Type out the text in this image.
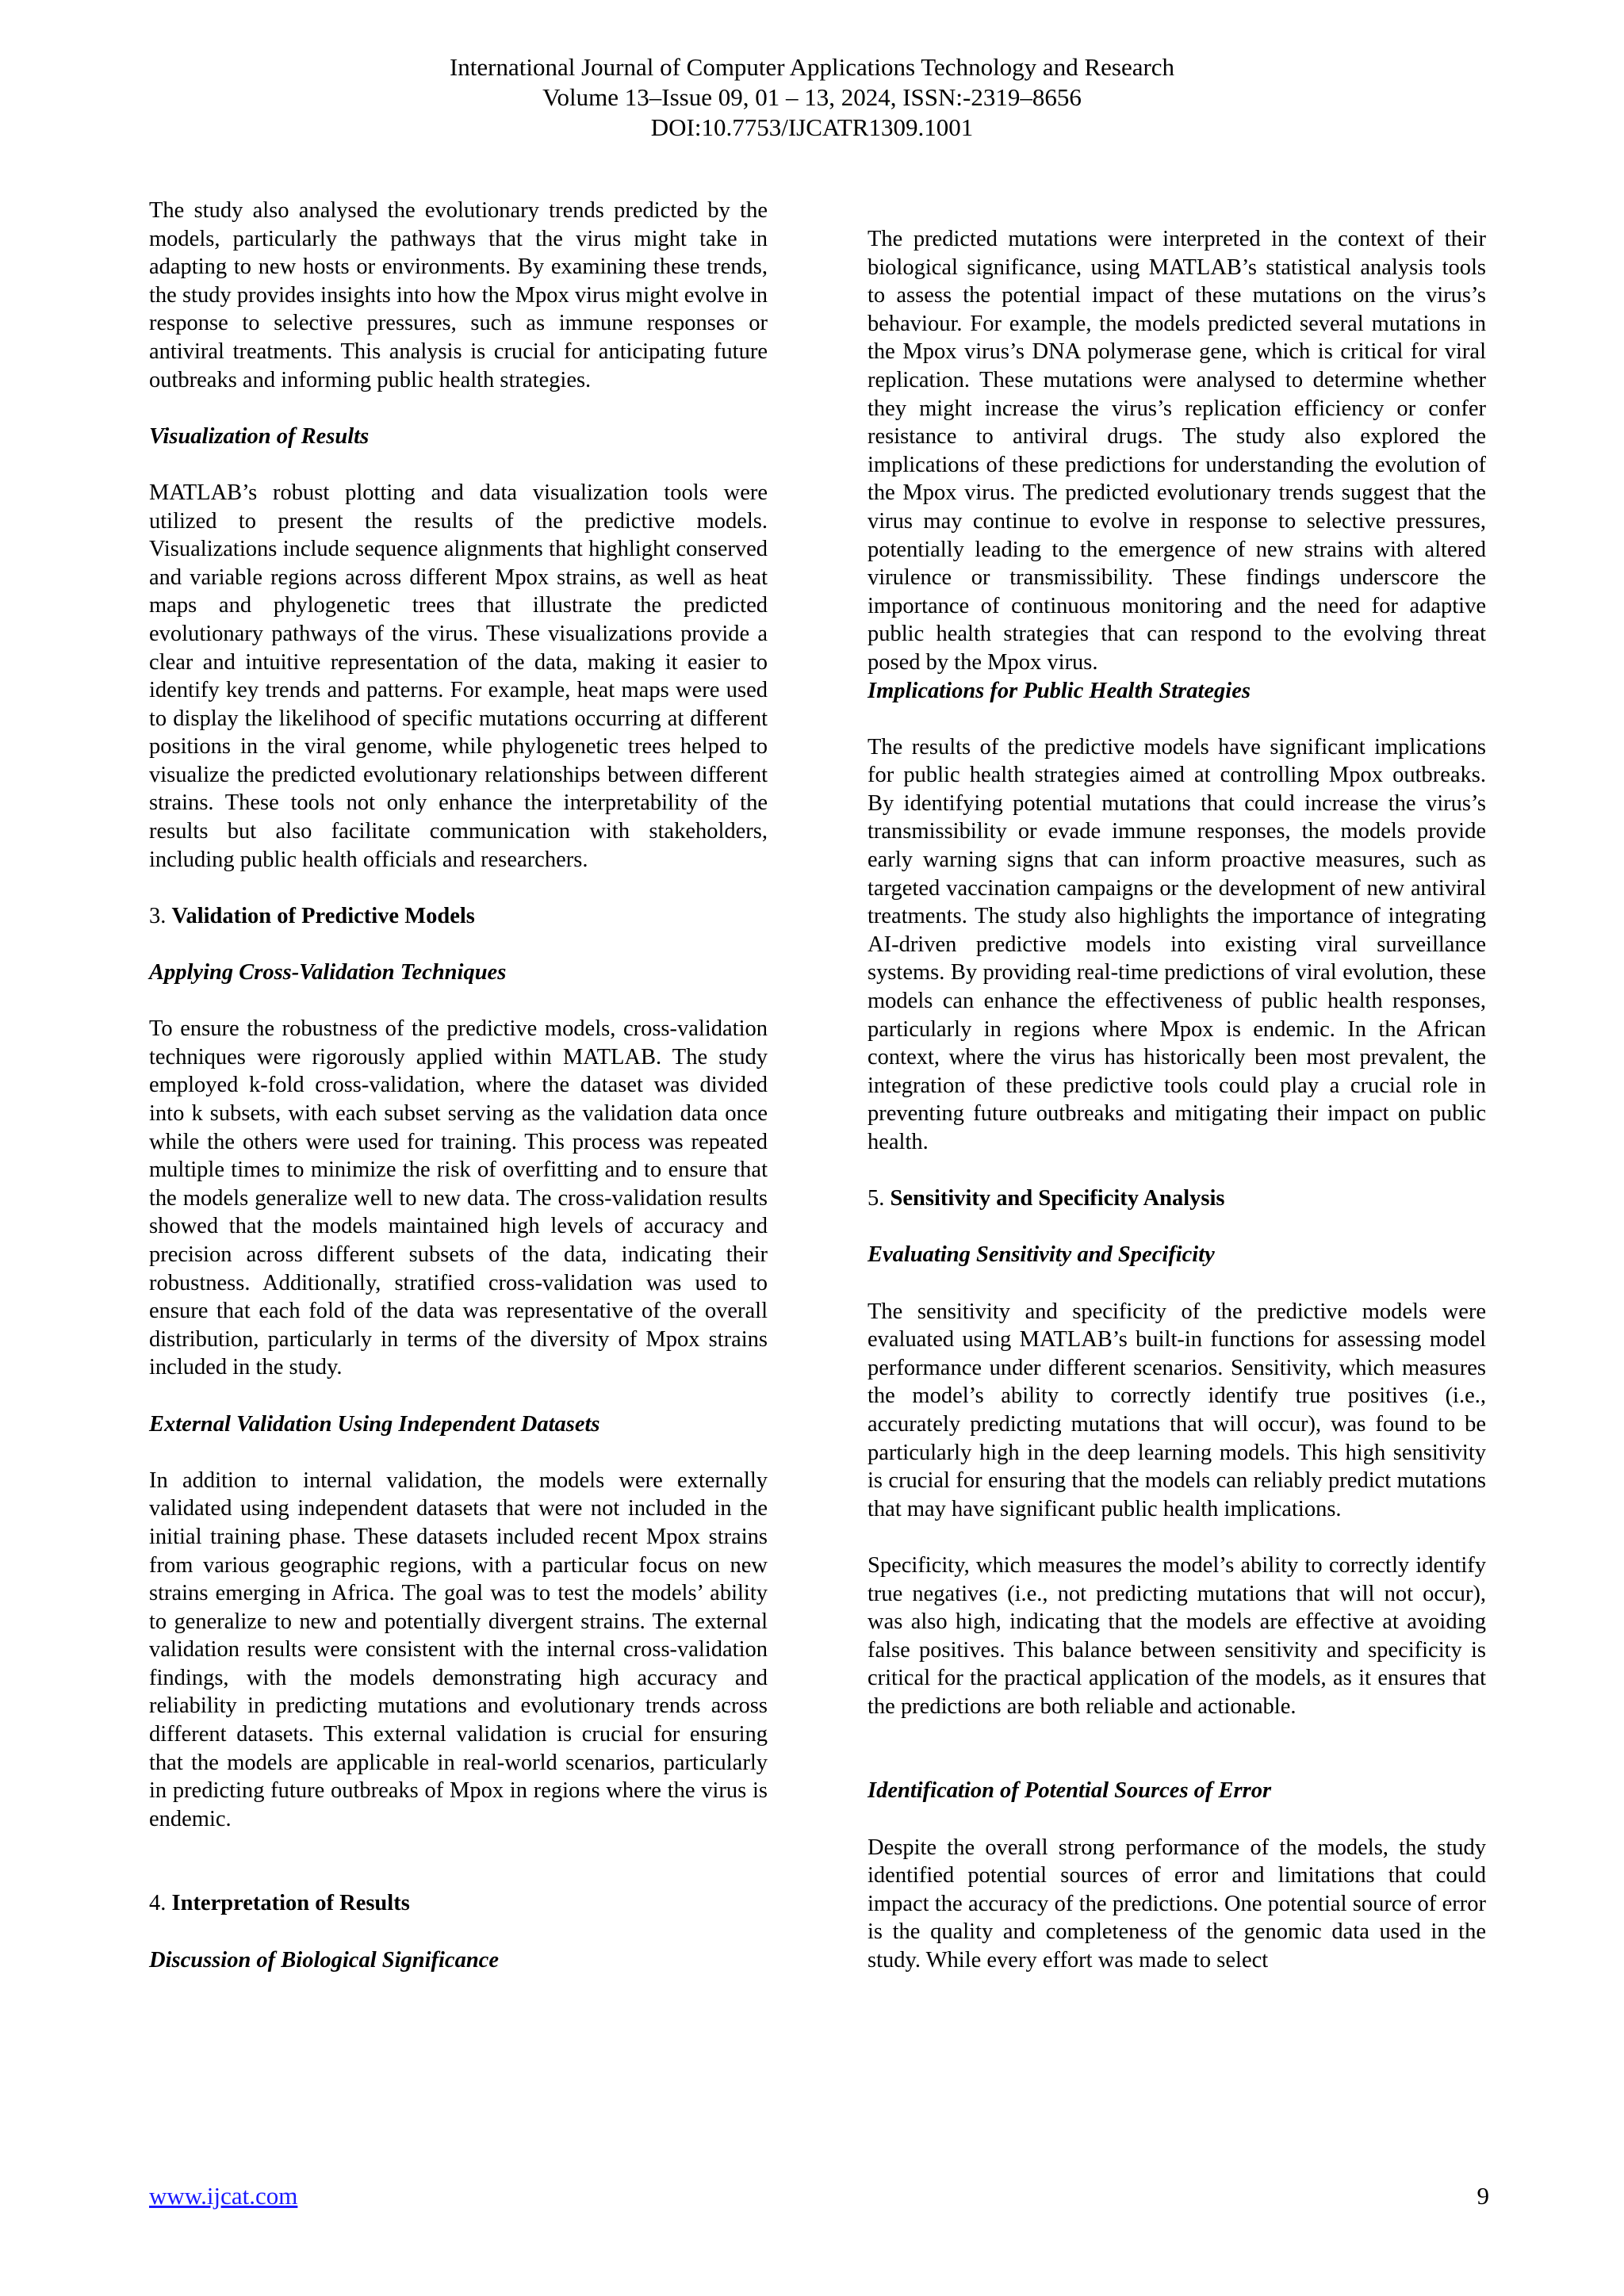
International Journal of Computer Applications Technology and Research
Volume 13–Issue 09, 01 – 13, 2024, ISSN:-2319–8656
DOI:10.7753/IJCATR1309.1001

The study also analysed the evolutionary trends predicted by the models, particularly the pathways that the virus might take in adapting to new hosts or environments. By examining these trends, the study provides insights into how the Mpox virus might evolve in response to selective pressures, such as immune responses or antiviral treatments. This analysis is crucial for anticipating future outbreaks and informing public health strategies.

Visualization of Results

MATLAB’s robust plotting and data visualization tools were utilized to present the results of the predictive models. Visualizations include sequence alignments that highlight conserved and variable regions across different Mpox strains, as well as heat maps and phylogenetic trees that illustrate the predicted evolutionary pathways of the virus. These visualizations provide a clear and intuitive representation of the data, making it easier to identify key trends and patterns. For example, heat maps were used to display the likelihood of specific mutations occurring at different positions in the viral genome, while phylogenetic trees helped to visualize the predicted evolutionary relationships between different strains. These tools not only enhance the interpretability of the results but also facilitate communication with stakeholders, including public health officials and researchers.

3. Validation of Predictive Models

Applying Cross-Validation Techniques

To ensure the robustness of the predictive models, cross-validation techniques were rigorously applied within MATLAB. The study employed k-fold cross-validation, where the dataset was divided into k subsets, with each subset serving as the validation data once while the others were used for training. This process was repeated multiple times to minimize the risk of overfitting and to ensure that the models generalize well to new data. The cross-validation results showed that the models maintained high levels of accuracy and precision across different subsets of the data, indicating their robustness. Additionally, stratified cross-validation was used to ensure that each fold of the data was representative of the overall distribution, particularly in terms of the diversity of Mpox strains included in the study.

External Validation Using Independent Datasets

In addition to internal validation, the models were externally validated using independent datasets that were not included in the initial training phase. These datasets included recent Mpox strains from various geographic regions, with a particular focus on new strains emerging in Africa. The goal was to test the models’ ability to generalize to new and potentially divergent strains. The external validation results were consistent with the internal cross-validation findings, with the models demonstrating high accuracy and reliability in predicting mutations and evolutionary trends across different datasets. This external validation is crucial for ensuring that the models are applicable in real-world scenarios, particularly in predicting future outbreaks of Mpox in regions where the virus is endemic.

4. Interpretation of Results

Discussion of Biological Significance

The predicted mutations were interpreted in the context of their biological significance, using MATLAB’s statistical analysis tools to assess the potential impact of these mutations on the virus’s behaviour. For example, the models predicted several mutations in the Mpox virus’s DNA polymerase gene, which is critical for viral replication. These mutations were analysed to determine whether they might increase the virus’s replication efficiency or confer resistance to antiviral drugs. The study also explored the implications of these predictions for understanding the evolution of the Mpox virus. The predicted evolutionary trends suggest that the virus may continue to evolve in response to selective pressures, potentially leading to the emergence of new strains with altered virulence or transmissibility. These findings underscore the importance of continuous monitoring and the need for adaptive public health strategies that can respond to the evolving threat posed by the Mpox virus.

Implications for Public Health Strategies

The results of the predictive models have significant implications for public health strategies aimed at controlling Mpox outbreaks. By identifying potential mutations that could increase the virus’s transmissibility or evade immune responses, the models provide early warning signs that can inform proactive measures, such as targeted vaccination campaigns or the development of new antiviral treatments. The study also highlights the importance of integrating AI-driven predictive models into existing viral surveillance systems. By providing real-time predictions of viral evolution, these models can enhance the effectiveness of public health responses, particularly in regions where Mpox is endemic. In the African context, where the virus has historically been most prevalent, the integration of these predictive tools could play a crucial role in preventing future outbreaks and mitigating their impact on public health.

5. Sensitivity and Specificity Analysis

Evaluating Sensitivity and Specificity

The sensitivity and specificity of the predictive models were evaluated using MATLAB’s built-in functions for assessing model performance under different scenarios. Sensitivity, which measures the model’s ability to correctly identify true positives (i.e., accurately predicting mutations that will occur), was found to be particularly high in the deep learning models. This high sensitivity is crucial for ensuring that the models can reliably predict mutations that may have significant public health implications.

Specificity, which measures the model’s ability to correctly identify true negatives (i.e., not predicting mutations that will not occur), was also high, indicating that the models are effective at avoiding false positives. This balance between sensitivity and specificity is critical for the practical application of the models, as it ensures that the predictions are both reliable and actionable.

Identification of Potential Sources of Error

Despite the overall strong performance of the models, the study identified potential sources of error and limitations that could impact the accuracy of the predictions. One potential source of error is the quality and completeness of the genomic data used in the study. While every effort was made to select

www.ijcat.com	9
